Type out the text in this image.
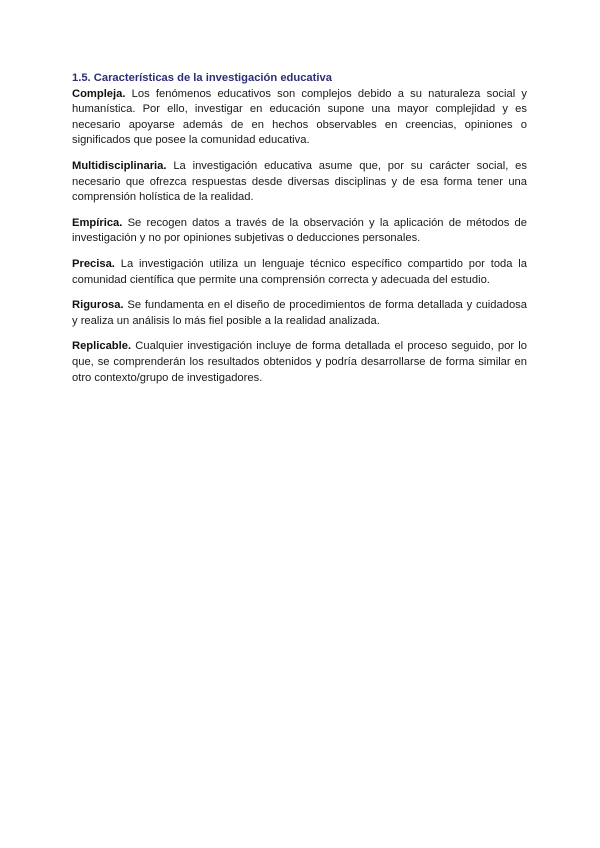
1.5. Características de la investigación educativa

Compleja. Los fenómenos educativos son complejos debido a su naturaleza social y humanística. Por ello, investigar en educación supone una mayor complejidad y es necesario apoyarse además de en hechos observables en creencias, opiniones o significados que posee la comunidad educativa.

Multidisciplinaria. La investigación educativa asume que, por su carácter social, es necesario que ofrezca respuestas desde diversas disciplinas y de esa forma tener una comprensión holística de la realidad.

Empírica. Se recogen datos a través de la observación y la aplicación de métodos de investigación y no por opiniones subjetivas o deducciones personales.

Precisa. La investigación utiliza un lenguaje técnico específico compartido por toda la comunidad científica que permite una comprensión correcta y adecuada del estudio.

Rigurosa. Se fundamenta en el diseño de procedimientos de forma detallada y cuidadosa y realiza un análisis lo más fiel posible a la realidad analizada.

Replicable. Cualquier investigación incluye de forma detallada el proceso seguido, por lo que, se comprenderán los resultados obtenidos y podría desarrollarse de forma similar en otro contexto/grupo de investigadores.
